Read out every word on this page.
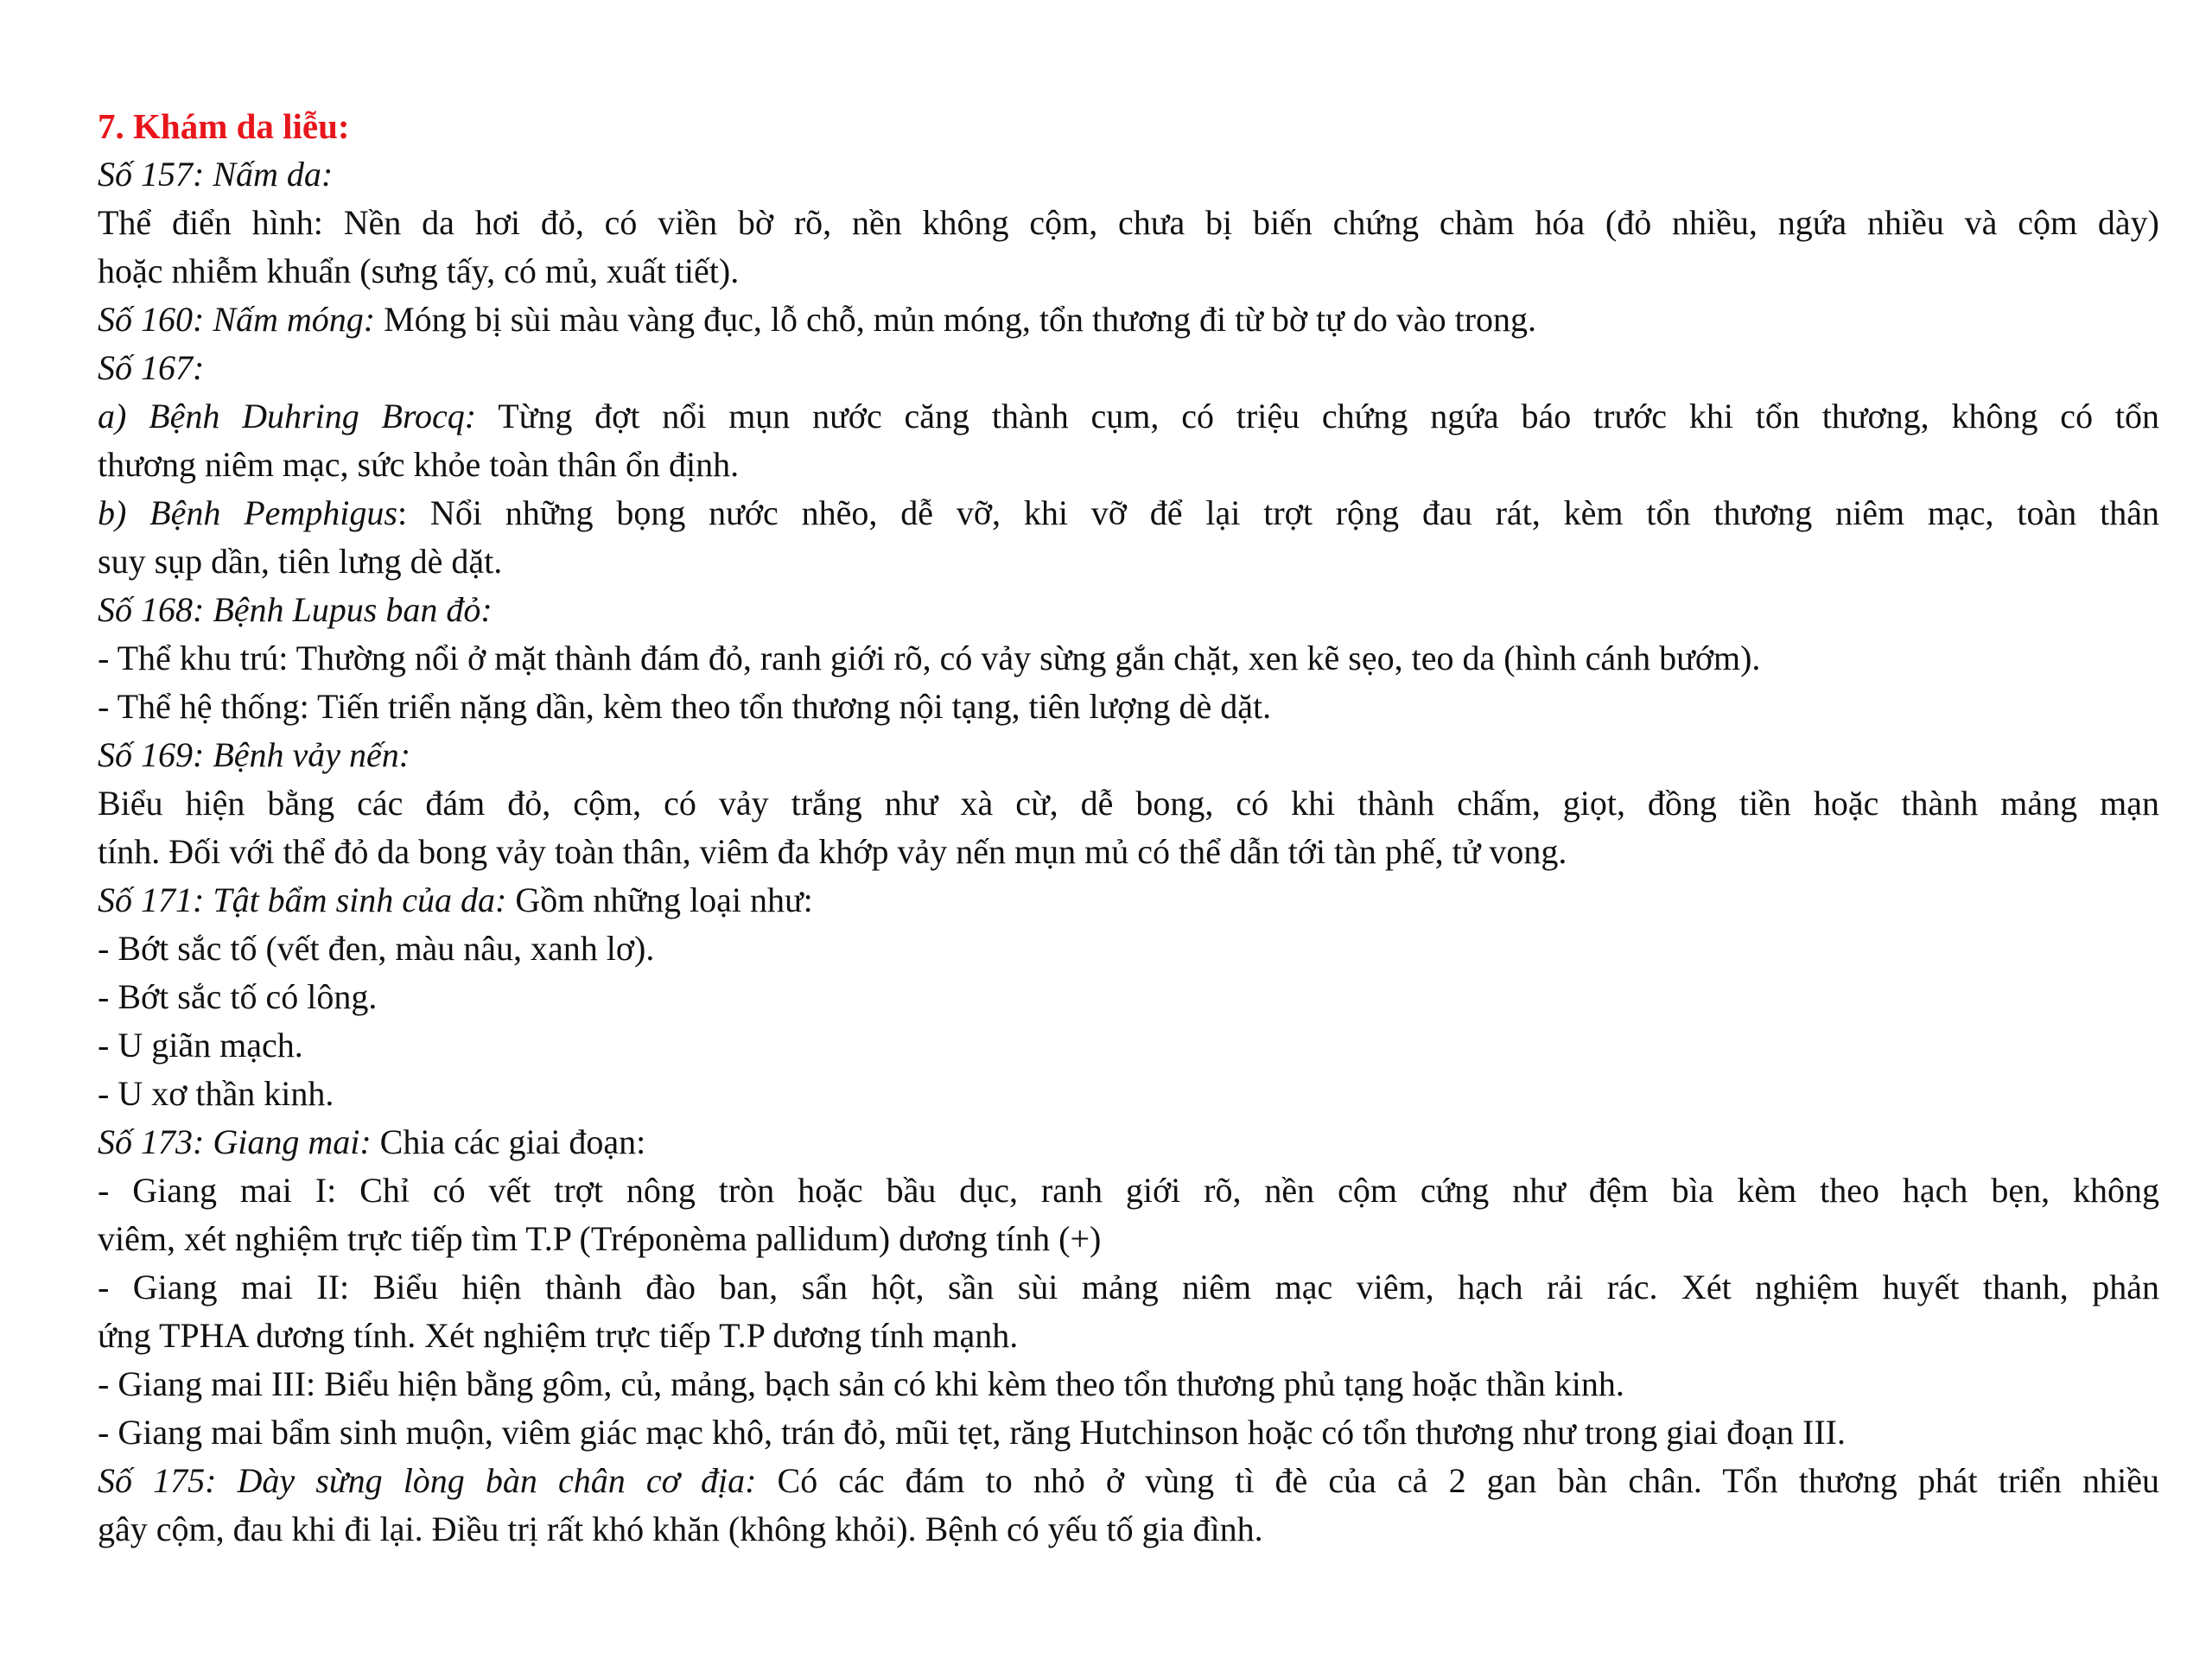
7. Khám da liễu:
Số 157: Nấm da:
Thể điển hình: Nền da hơi đỏ, có viền bờ rõ, nền không cộm, chưa bị biến chứng chàm hóa (đỏ nhiều, ngứa nhiều và cộm dày)
hoặc nhiễm khuẩn (sưng tấy, có mủ, xuất tiết).
Số 160: Nấm móng: Móng bị sùi màu vàng đục, lỗ chỗ, mủn móng, tổn thương đi từ bờ tự do vào trong.
Số 167:
a) Bệnh Duhring Brocq: Từng đợt nổi mụn nước căng thành cụm, có triệu chứng ngứa báo trước khi tổn thương, không có tổn
thương niêm mạc, sức khỏe toàn thân ổn định.
b) Bệnh Pemphigus: Nổi những bọng nước nhẽo, dễ vỡ, khi vỡ để lại trợt rộng đau rát, kèm tổn thương niêm mạc, toàn thân
suy sụp dần, tiên lưng dè dặt.
Số 168: Bệnh Lupus ban đỏ:
- Thể khu trú: Thường nổi ở mặt thành đám đỏ, ranh giới rõ, có vảy sừng gắn chặt, xen kẽ sẹo, teo da (hình cánh bướm).
- Thể hệ thống: Tiến triển nặng dần, kèm theo tổn thương nội tạng, tiên lượng dè dặt.
Số 169: Bệnh vảy nến:
Biểu hiện bằng các đám đỏ, cộm, có vảy trắng như xà cừ, dễ bong, có khi thành chấm, giọt, đồng tiền hoặc thành mảng mạn
tính. Đối với thể đỏ da bong vảy toàn thân, viêm đa khớp vảy nến mụn mủ có thể dẫn tới tàn phế, tử vong.
Số 171: Tật bẩm sinh của da: Gồm những loại như:
- Bớt sắc tố (vết đen, màu nâu, xanh lơ).
- Bớt sắc tố có lông.
- U giãn mạch.
- U xơ thần kinh.
Số 173: Giang mai: Chia các giai đoạn:
- Giang mai I: Chỉ có vết trợt nông tròn hoặc bầu dục, ranh giới rõ, nền cộm cứng như đệm bìa kèm theo hạch bẹn, không
viêm, xét nghiệm trực tiếp tìm T.P (Tréponèma pallidum) dương tính (+)
- Giang mai II: Biểu hiện thành đào ban, sẩn hột, sần sùi mảng niêm mạc viêm, hạch rải rác. Xét nghiệm huyết thanh, phản
ứng TPHA dương tính. Xét nghiệm trực tiếp T.P dương tính mạnh.
- Giang mai III: Biểu hiện bằng gôm, củ, mảng, bạch sản có khi kèm theo tổn thương phủ tạng hoặc thần kinh.
- Giang mai bẩm sinh muộn, viêm giác mạc khô, trán đỏ, mũi tẹt, răng Hutchinson hoặc có tổn thương như trong giai đoạn III.
Số 175: Dày sừng lòng bàn chân cơ địa: Có các đám to nhỏ ở vùng tì đè của cả 2 gan bàn chân. Tổn thương phát triển nhiều
gây cộm, đau khi đi lại. Điều trị rất khó khăn (không khỏi). Bệnh có yếu tố gia đình.
